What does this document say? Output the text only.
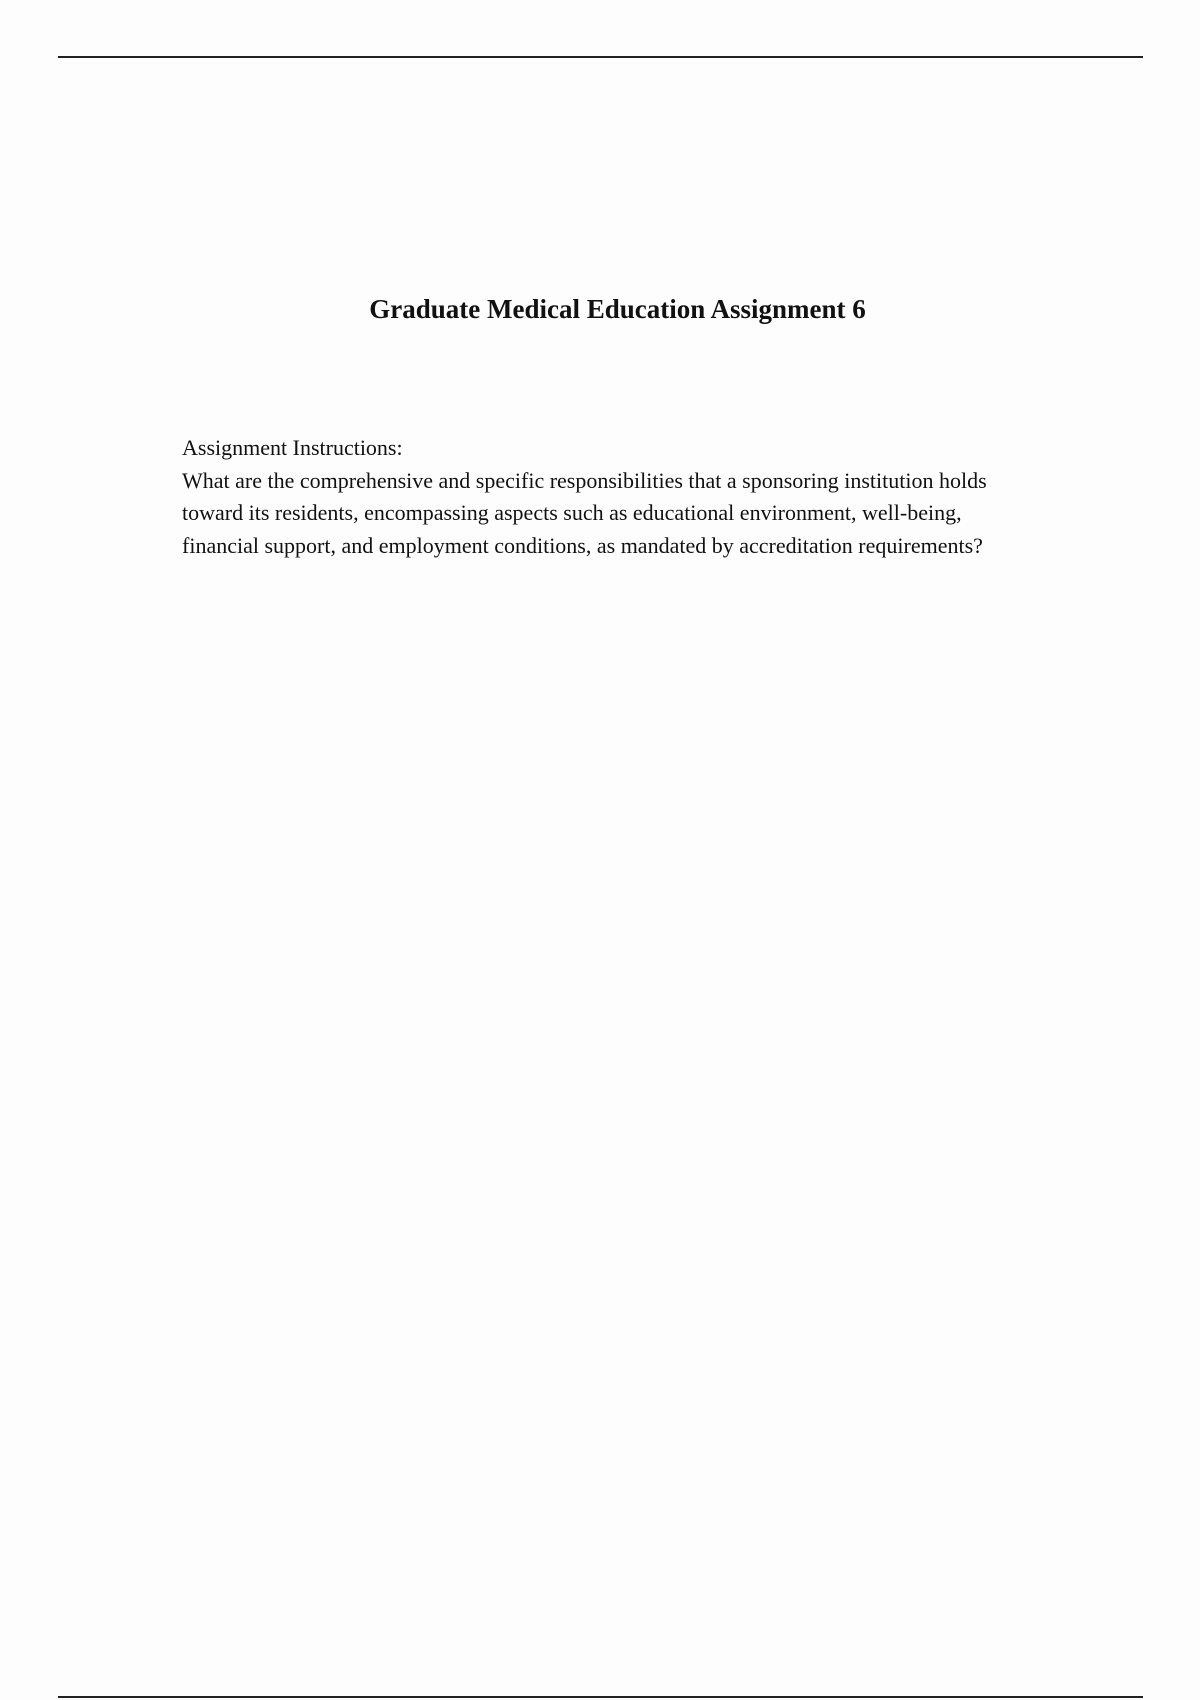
Graduate Medical Education Assignment 6

Assignment Instructions:

What are the comprehensive and specific responsibilities that a sponsoring institution holds toward its residents, encompassing aspects such as educational environment, well-being, financial support, and employment conditions, as mandated by accreditation requirements?
